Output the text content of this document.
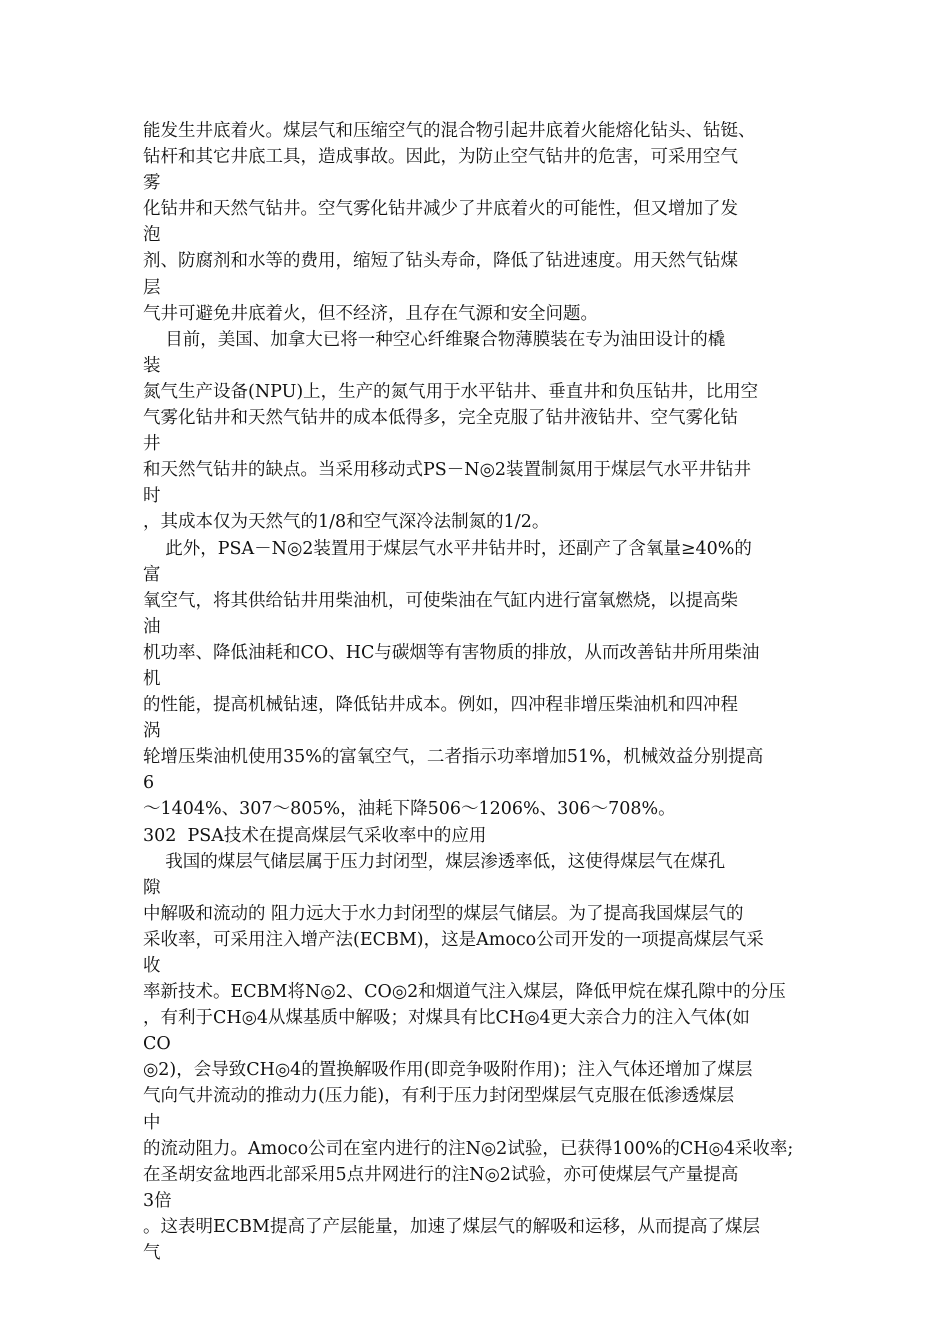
能发生井底着火。煤层气和压缩空气的混合物引起井底着火能熔化钻头、钻铤、
钻杆和其它井底工具，造成事故。因此，为防止空气钻井的危害，可采用空气
雾
化钻井和天然气钻井。空气雾化钻井减少了井底着火的可能性，但又增加了发
泡
剂、防腐剂和水等的费用，缩短了钻头寿命，降低了钻进速度。用天然气钻煤
层
气井可避免井底着火，但不经济，且存在气源和安全问题。
目前，美国、加拿大已将一种空心纤维聚合物薄膜装在专为油田设计的橇
装
氮气生产设备(NPU)上，生产的氮气用于水平钻井、垂直井和负压钻井，比用空
气雾化钻井和天然气钻井的成本低得多，完全克服了钻井液钻井、空气雾化钻
井
和天然气钻井的缺点。当采用移动式PS－N◎2装置制氮用于煤层气水平井钻井
时
，其成本仅为天然气的1/8和空气深冷法制氮的1/2。
此外，PSA－N◎2装置用于煤层气水平井钻井时，还副产了含氧量≥40%的
富
氧空气，将其供给钻井用柴油机，可使柴油在气缸内进行富氧燃烧，以提高柴
油
机功率、降低油耗和CO、HC与碳烟等有害物质的排放，从而改善钻井所用柴油
机
的性能，提高机械钻速，降低钻井成本。例如，四冲程非增压柴油机和四冲程
涡
轮增压柴油机使用35%的富氧空气，二者指示功率增加51%，机械效益分别提高
6
～1404%、307～805%，油耗下降506～1206%、306～708%。
302  PSA技术在提高煤层气采收率中的应用
我国的煤层气储层属于压力封闭型，煤层渗透率低，这使得煤层气在煤孔
隙
中解吸和流动的 阻力远大于水力封闭型的煤层气储层。为了提高我国煤层气的
采收率，可采用注入增产法(ECBM)，这是Amoco公司开发的一项提高煤层气采
收
率新技术。ECBM将N◎2、CO◎2和烟道气注入煤层，降低甲烷在煤孔隙中的分压
，有利于CH◎4从煤基质中解吸；对煤具有比CH◎4更大亲合力的注入气体(如
CO
◎2)，会导致CH◎4的置换解吸作用(即竞争吸附作用)；注入气体还增加了煤层
气向气井流动的推动力(压力能)，有利于压力封闭型煤层气克服在低渗透煤层
中
的流动阻力。Amoco公司在室内进行的注N◎2试验，已获得100%的CH◎4采收率;
在圣胡安盆地西北部采用5点井网进行的注N◎2试验，亦可使煤层气产量提高
3倍
。这表明ECBM提高了产层能量，加速了煤层气的解吸和运移，从而提高了煤层
气
